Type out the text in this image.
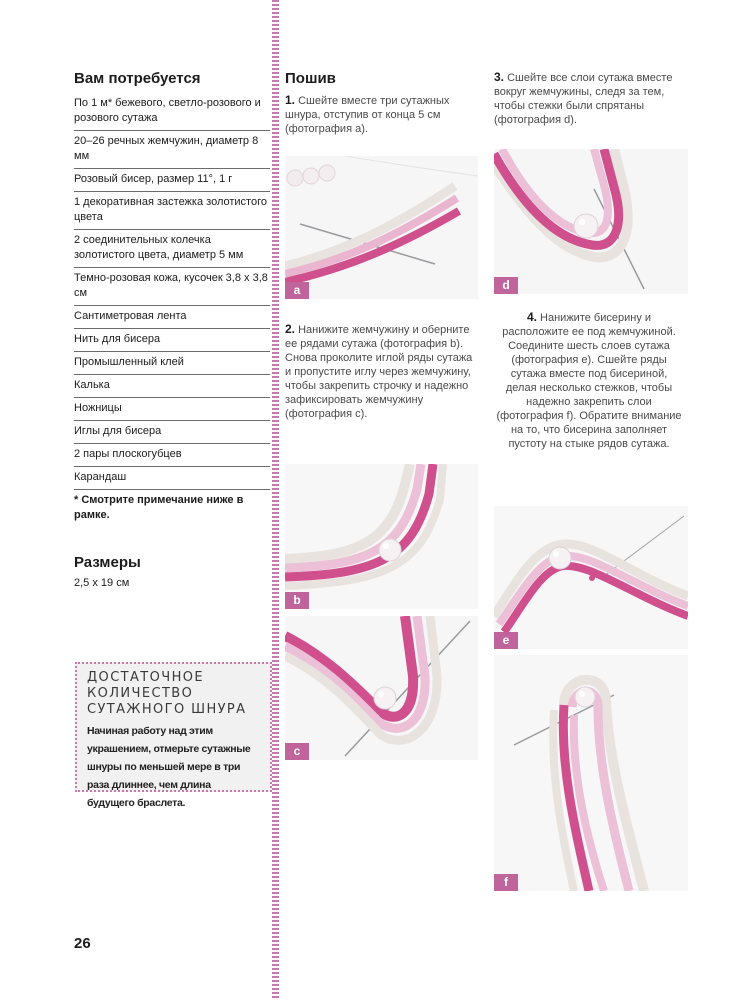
Вам потребуется
По 1 м* бежевого, светло-розового и розового сутажа
20–26 речных жемчужин, диаметр 8 мм
Розовый бисер, размер 11°, 1 г
1 декоративная застежка золотистого цвета
2 соединительных колечка золотистого цвета, диаметр 5 мм
Темно-розовая кожа, кусочек 3,8 х 3,8 см
Сантиметровая лента
Нить для бисера
Промышленный клей
Калька
Ножницы
Иглы для бисера
2 пары плоскогубцев
Карандаш
* Смотрите примечание ниже в рамке.
Размеры
2,5 х 19 см
ДОСТАТОЧНОЕ КОЛИЧЕСТВО СУТАЖНОГО ШНУРА
Начиная работу над этим украшением, отмерьте сутажные шнуры по меньшей мере в три раза длиннее, чем длина будущего браслета.
26
Пошив
1. Сшейте вместе три сутажных шнура, отступив от конца 5 см (фотография а).
a
2. Нанижите жемчужину и оберните ее рядами сутажа (фотография b). Снова проколите иглой ряды сутажа и пропустите иглу через жемчужину, чтобы закрепить строчку и надежно зафиксировать жемчужину (фотография c).
b
c
3. Сшейте все слои сутажа вместе вокруг жемчужины, следя за тем, чтобы стежки были спрятаны (фотография d).
d
4. Нанижите бисерину и расположите ее под жемчужиной. Соедините шесть слоев сутажа (фотография e). Сшейте ряды сутажа вместе под бисериной, делая несколько стежков, чтобы надежно закрепить слои (фотография f). Обратите внимание на то, что бисерина заполняет пустоту на стыке рядов сутажа.
e
f
